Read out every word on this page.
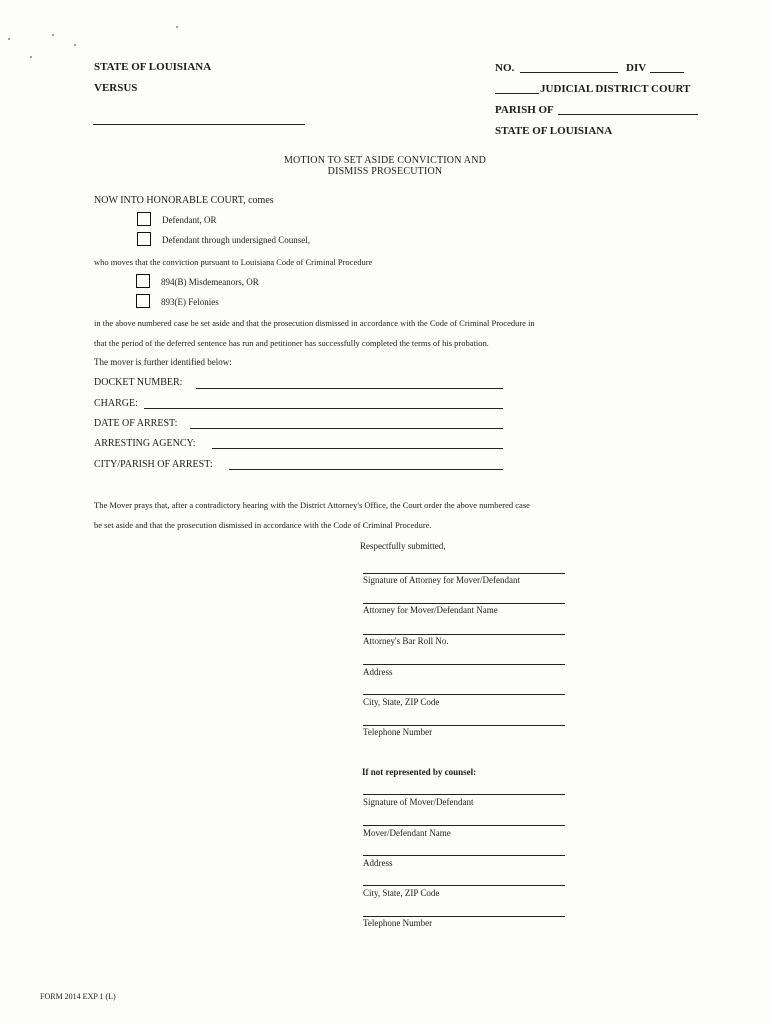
STATE OF LOUISIANA
VERSUS
NO.	DIV
JUDICIAL DISTRICT COURT
PARISH OF
STATE OF LOUISIANA
MOTION TO SET ASIDE CONVICTION AND
DISMISS PROSECUTION
NOW INTO HONORABLE COURT, comes
Defendant, OR
Defendant through undersigned Counsel,
who moves that the conviction pursuant to Louisiana Code of Criminal Procedure
894(B) Misdemeanors, OR
893(E) Felonies
in the above numbered case be set aside and that the prosecution dismissed in accordance with the Code of Criminal Procedure in
that the period of the deferred sentence has run and petitioner has successfully completed the terms of his probation.
The mover is further identified below:
DOCKET NUMBER:
CHARGE:
DATE OF ARREST:
ARRESTING AGENCY:
CITY/PARISH OF ARREST:
The Mover prays that, after a contradictory hearing with the District Attorney's Office, the Court order the above numbered case
be set aside and that the prosecution dismissed in accordance with the Code of Criminal Procedure.
Respectfully submitted,
Signature of Attorney for Mover/Defendant
Attorney for Mover/Defendant Name
Attorney's Bar Roll No.
Address
City, State, ZIP Code
Telephone Number
If not represented by counsel:
Signature of Mover/Defendant
Mover/Defendant Name
Address
City, State, ZIP Code
Telephone Number
FORM 2014 EXP 1 (L)
